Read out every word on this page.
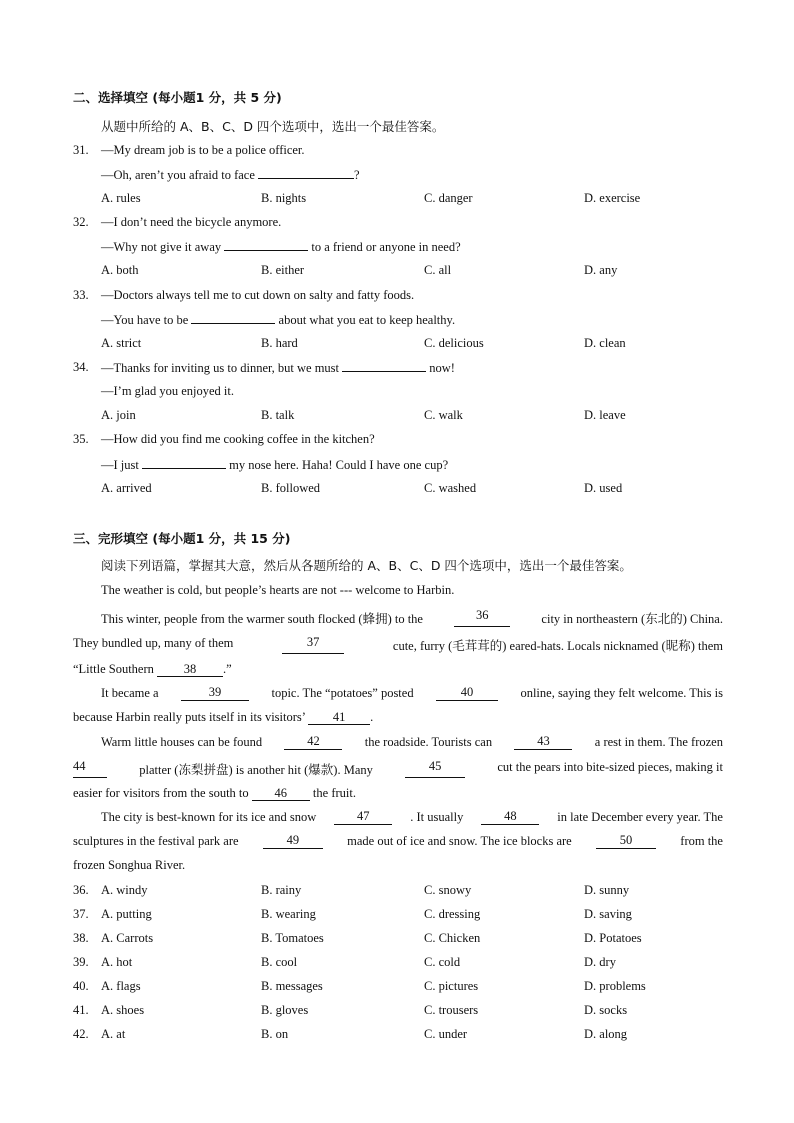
二、选择填空 (每小题1 分，共 5 分)
从题中所给的 A、B、C、D 四个选项中，选出一个最佳答案。
31. —My dream job is to be a police officer.
—Oh, aren’t you afraid to face	?
A. rules	B. nights	C. danger	D. exercise
32. —I don’t need the bicycle anymore.
—Why not give it away	to a friend or anyone in need?
A. both	B. either	C. all	D. any
33. —Doctors always tell me to cut down on salty and fatty foods.
—You have to be	about what you eat to keep healthy.
A. strict	B. hard	C. delicious	D. clean
34. —Thanks for inviting us to dinner, but we must	now!
—I’m glad you enjoyed it.
A. join	B. talk	C. walk	D. leave
35. —How did you find me cooking coffee in the kitchen?
—I just	my nose here. Haha! Could I have one cup?
A. arrived	B. followed	C. washed	D. used
三、完形填空 (每小题1 分，共 15 分)
阅读下列语篇，掌握其大意，然后从各题所给的 A、B、C、D 四个选项中，选出一个最佳答案。
The weather is cold, but people’s hearts are not --- welcome to Harbin.
This winter, people from the warmer south flocked (蜂拥) to the	36	city in northeastern (东北的) China.
They bundled up, many of them	37	cute, furry (毛茸茸的) eared-hats. Locals nicknamed (昵称) them
“Little Southern 38 .”
It became a	39	topic. The “potatoes” posted	40	online, saying they felt welcome. This is
because Harbin really puts itself in its visitors’ 41 .
Warm little houses can be found	42	the roadside. Tourists can	43	a rest in them. The frozen
44	platter (冻梨拼盘) is another hit (爆款). Many	45	cut the pears into bite-sized pieces, making it
easier for visitors from the south to 46 the fruit.
The city is best-known for its ice and snow	47	. It usually	48	in late December every year. The
sculptures in the festival park are	49	made out of ice and snow. The ice blocks are	50	from the
frozen Songhua River.
36. A. windy	B. rainy	C. snowy	D. sunny
37. A. putting	B. wearing	C. dressing	D. saving
38. A. Carrots	B. Tomatoes	C. Chicken	D. Potatoes
39. A. hot	B. cool	C. cold	D. dry
40. A. flags	B. messages	C. pictures	D. problems
41. A. shoes	B. gloves	C. trousers	D. socks
42. A. at	B. on	C. under	D. along
